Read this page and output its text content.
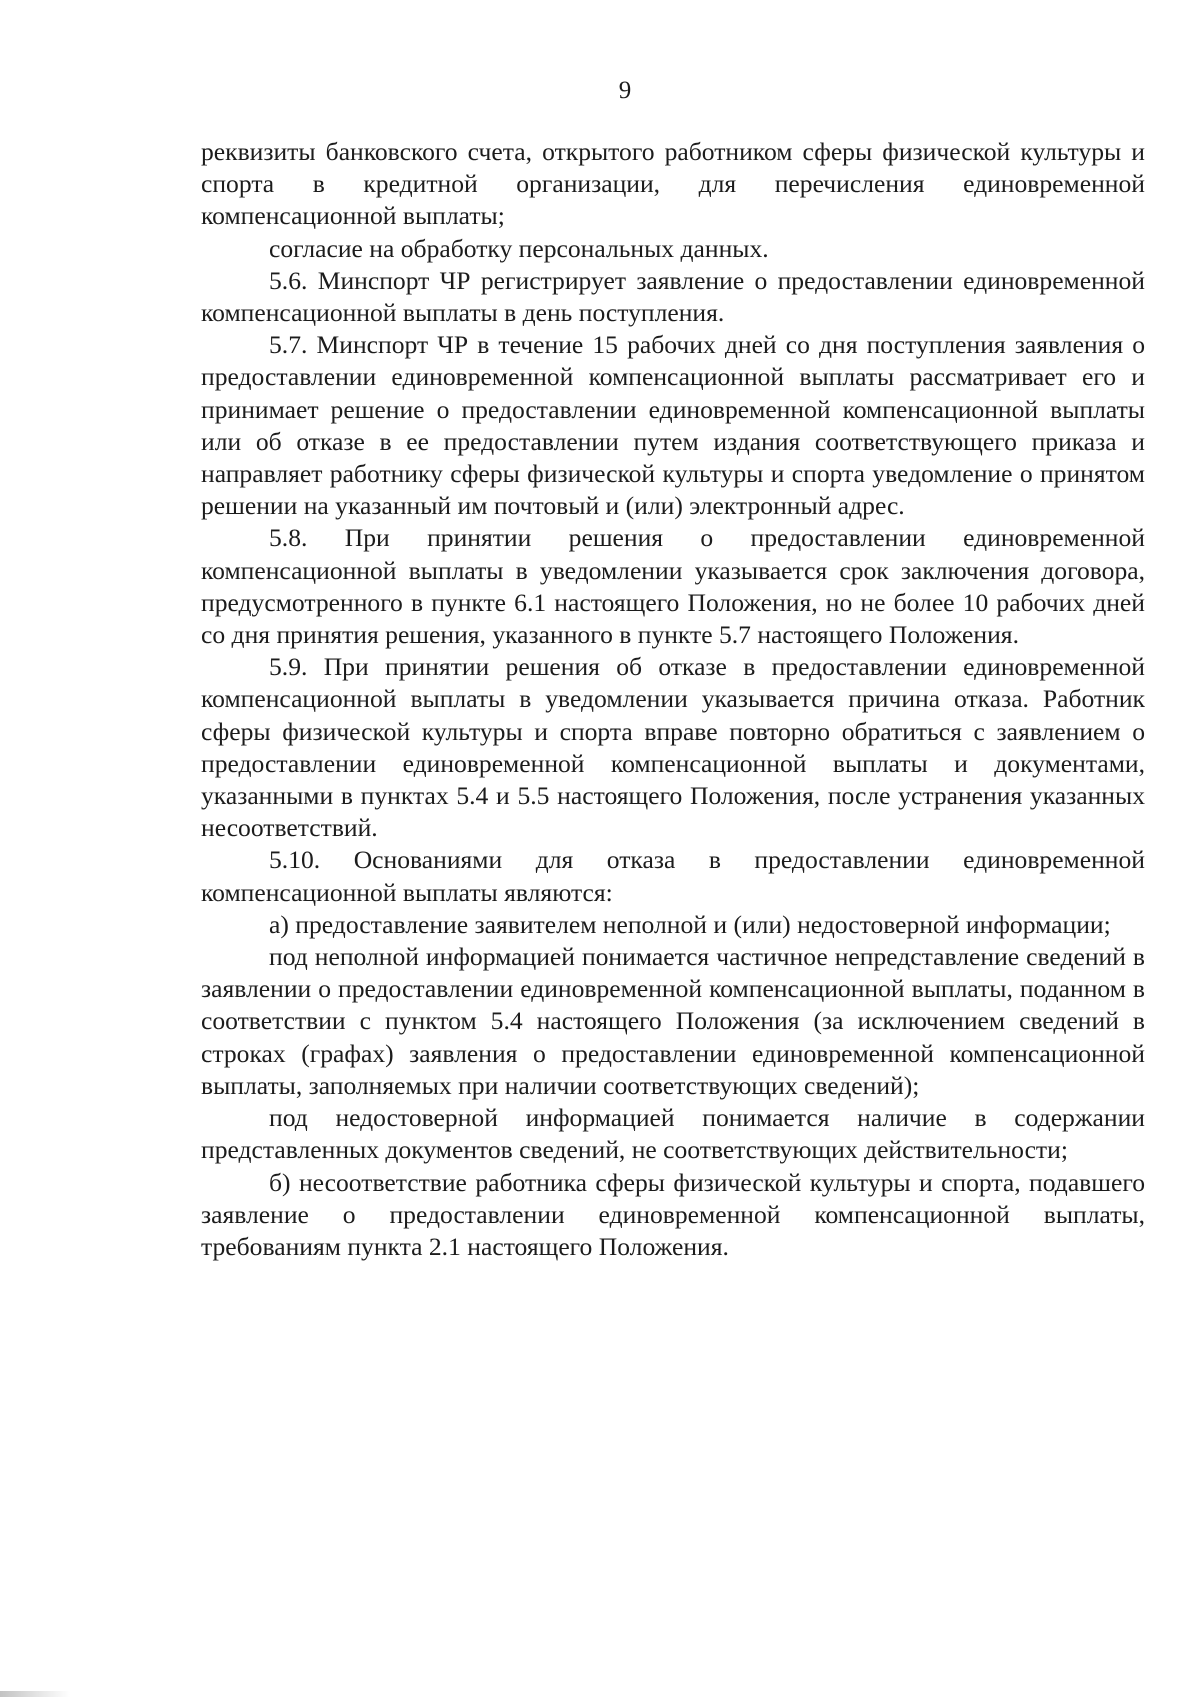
9

реквизиты банковского счета, открытого работником сферы физической культуры и спорта в кредитной организации, для перечисления единовременной компенсационной выплаты;

согласие на обработку персональных данных.

5.6. Минспорт ЧР регистрирует заявление о предоставлении единовременной компенсационной выплаты в день поступления.

5.7. Минспорт ЧР в течение 15 рабочих дней со дня поступления заявления о предоставлении единовременной компенсационной выплаты рассматривает его и принимает решение о предоставлении единовременной компенсационной выплаты или об отказе в ее предоставлении путем издания соответствующего приказа и направляет работнику сферы физической культуры и спорта уведомление о принятом решении на указанный им почтовый и (или) электронный адрес.

5.8. При принятии решения о предоставлении единовременной компенсационной выплаты в уведомлении указывается срок заключения договора, предусмотренного в пункте 6.1 настоящего Положения, но не более 10 рабочих дней со дня принятия решения, указанного в пункте 5.7 настоящего Положения.

5.9. При принятии решения об отказе в предоставлении единовременной компенсационной выплаты в уведомлении указывается причина отказа. Работник сферы физической культуры и спорта вправе повторно обратиться с заявлением о предоставлении единовременной компенсационной выплаты и документами, указанными в пунктах 5.4 и 5.5 настоящего Положения, после устранения указанных несоответствий.

5.10. Основаниями для отказа в предоставлении единовременной компенсационной выплаты являются:

а) предоставление заявителем неполной и (или) недостоверной информации;

под неполной информацией понимается частичное непредставление сведений в заявлении о предоставлении единовременной компенсационной выплаты, поданном в соответствии с пунктом 5.4 настоящего Положения (за исключением сведений в строках (графах) заявления о предоставлении единовременной компенсационной выплаты, заполняемых при наличии соответствующих сведений);

под недостоверной информацией понимается наличие в содержании представленных документов сведений, не соответствующих действительности;

б) несоответствие работника сферы физической культуры и спорта, подавшего заявление о предоставлении единовременной компенсационной выплаты, требованиям пункта 2.1 настоящего Положения.
